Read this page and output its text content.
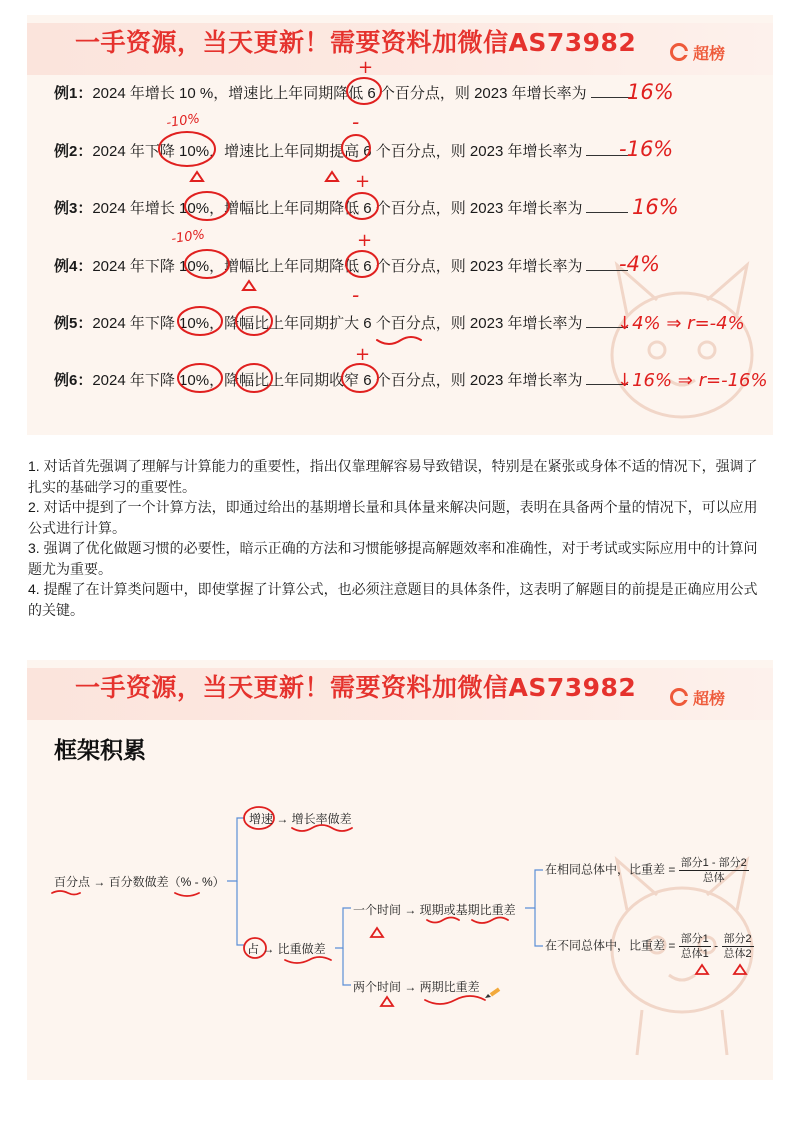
一手资源，当天更新！需要资料加微信AS73982	超榜
例1：2024 年增长 10 %，增速比上年同期降低 6 个百分点，则 2023 年增长率为
例2：2024 年下降 10%，增速比上年同期提高 6 个百分点，则 2023 年增长率为
例3：2024 年增长 10%，增幅比上年同期降低 6 个百分点，则 2023 年增长率为
例4：2024 年下降 10%，增幅比上年同期降低 6 个百分点，则 2023 年增长率为
例5：2024 年下降 10%，降幅比上年同期扩大 6 个百分点，则 2023 年增长率为
例6：2024 年下降 10%，降幅比上年同期收窄 6 个百分点，则 2023 年增长率为
+
-
+
+
-
+
-10%
-10%
16%
-16%
16%
-4%
↓4% ⇒ r=-4%
↓16% ⇒ r=-16%

1. 对话首先强调了理解与计算能力的重要性，指出仅靠理解容易导致错误，特别是在紧张或身体不适的情况下，强调了扎实的基础学习的重要性。

2. 对话中提到了一个计算方法，即通过给出的基期增长量和具体量来解决问题，表明在具备两个量的情况下，可以应用公式进行计算。

3. 强调了优化做题习惯的必要性，暗示正确的方法和习惯能够提高解题效率和准确性，对于考试或实际应用中的计算问题尤为重要。

4. 提醒了在计算类问题中，即使掌握了计算公式，也必须注意题目的具体条件，这表明了解题目的前提是正确应用公式的关键。

一手资源，当天更新！需要资料加微信AS73982	超榜
框架积累
百分点 → 百分数做差（% - %）
增速 → 增长率做差
占 → 比重做差
一个时间 → 现期或基期比重差
两个时间 → 两期比重差
在相同总体中，比重差 = $\frac{\text{部分1 - 部分2}}{\text{总体}}$
在不同总体中，比重差 = $\frac{\text{部分1}}{\text{总体1}} - \frac{\text{部分2}}{\text{总体2}}$
